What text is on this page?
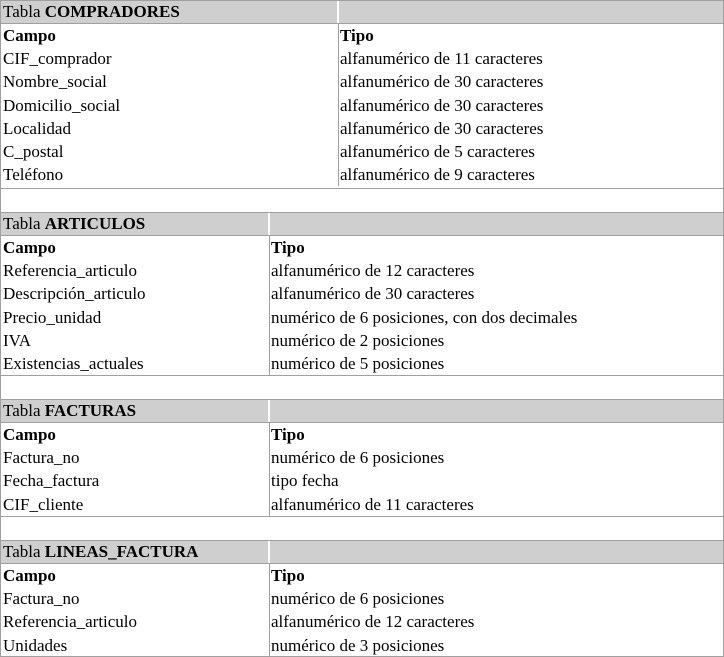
Tabla COMPRADORES
Campo	Tipo
CIF_comprador	alfanumérico de 11 caracteres
Nombre_social	alfanumérico de 30 caracteres
Domicilio_social	alfanumérico de 30 caracteres
Localidad	alfanumérico de 30 caracteres
C_postal	alfanumérico de 5 caracteres
Teléfono	alfanumérico de 9 caracteres
Tabla ARTICULOS
Campo	Tipo
Referencia_articulo	alfanumérico de 12 caracteres
Descripción_articulo	alfanumérico de 30 caracteres
Precio_unidad	numérico de 6 posiciones, con dos decimales
IVA	numérico de 2 posiciones
Existencias_actuales	numérico de 5 posiciones
Tabla FACTURAS
Campo	Tipo
Factura_no	numérico de 6 posiciones
Fecha_factura	tipo fecha
CIF_cliente	alfanumérico de 11 caracteres
Tabla LINEAS_FACTURA
Campo	Tipo
Factura_no	numérico de 6 posiciones
Referencia_articulo	alfanumérico de 12 caracteres
Unidades	numérico de 3 posiciones
